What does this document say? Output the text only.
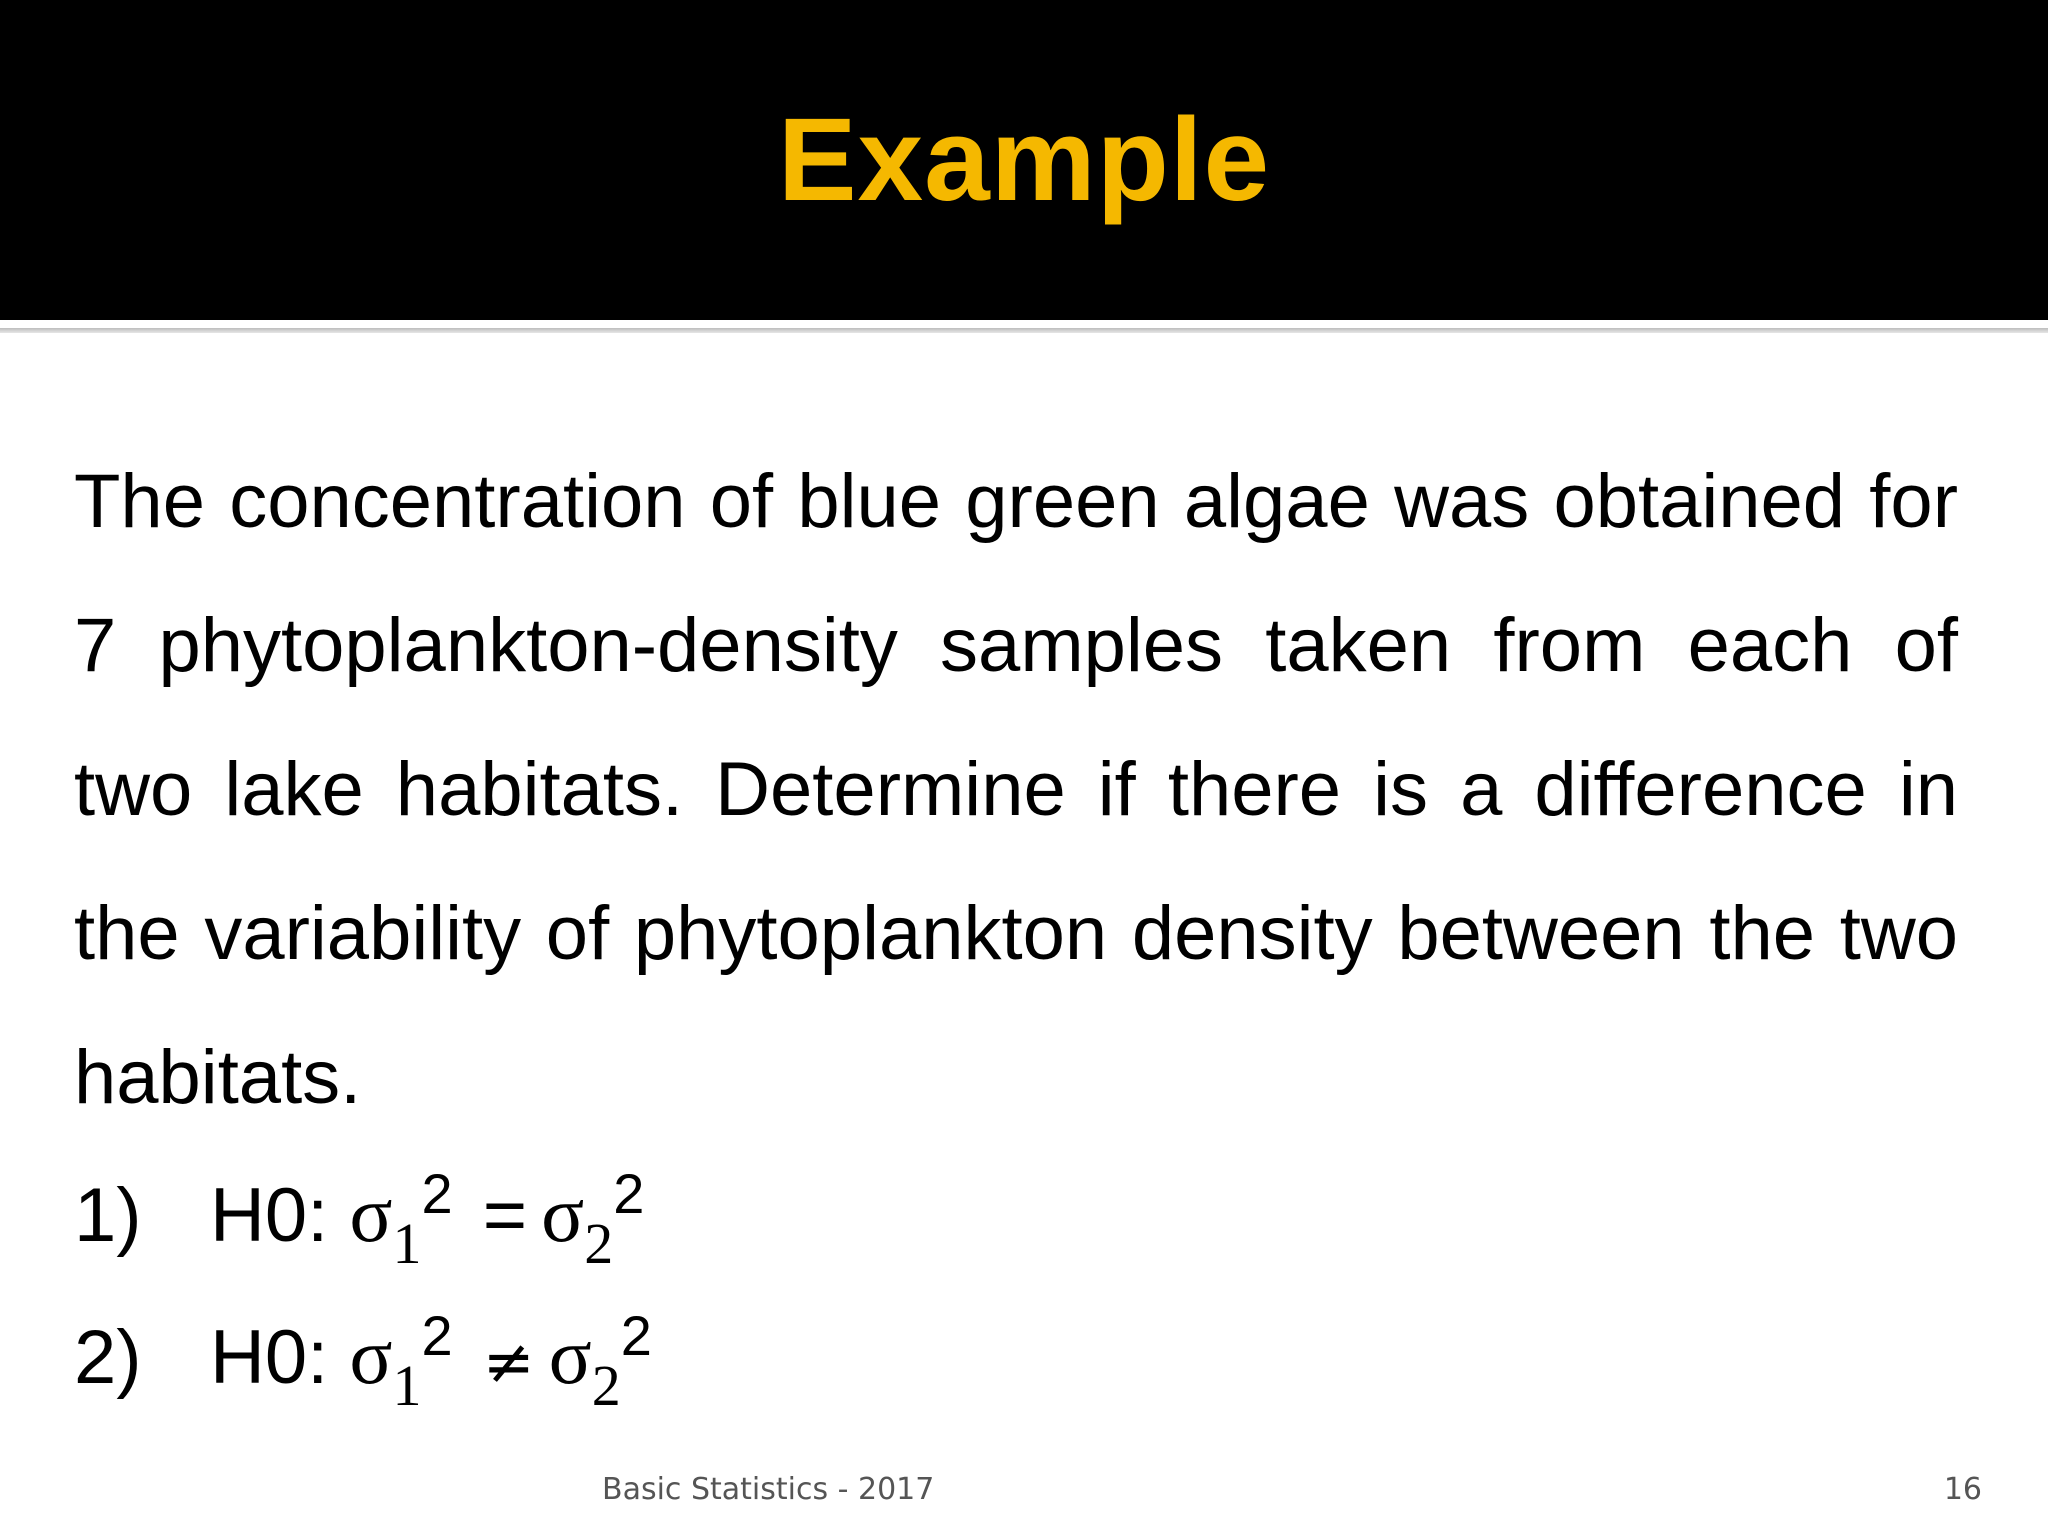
Example

The concentration of blue green algae was obtained for 7 phytoplankton-density samples taken from each of two lake habitats. Determine if there is a difference in the variability of phytoplankton density between the two habitats.

1) H0: $\sigma_1^2 = \sigma_2^2$
2) H0: $\sigma_1^2 \ne \sigma_2^2$
Basic Statistics - 2017	16
